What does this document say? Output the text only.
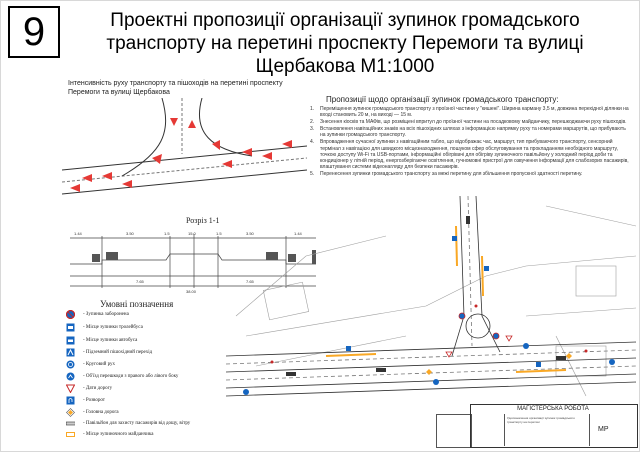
9	Проектні пропозиції організації зупинок громадського транспорту на перетині проспекту Перемоги та вулиці Щербакова М1:1000
Інтенсивність руху транспорту та пішоходів на перетині проспекту Перемоги та вулиці Щербакова
Пропозиції щодо організації зупинок громадського транспорту:
1.	Переміщення зупинок громадського транспорту з проїзної частини у "кишені". Ширина карману 3,5 м, довжина перехідної ділянки на вході становить 20 м, на виході — 15 м.
2.	Знесення кіосків та МАФів, що розміщені впритул до проїзної частини на посадковому майданчику, перешкоджаючи руху пішоходів.
3.	Встановлення навігаційних знаків на всіх пішохідних шляхах з інформацією напрямку руху та номерами маршрутів, що прибувають на зупинки громадського транспорту.
4.	Впровадження сучасної зупинки з навігаційним табло, що відображає час, маршрут, тип прибуваючого транспорту, сенсорний термінал з навігацією для швидкого місцезнаходження, пошуком сфер обслуговування та прокладанням необхідного маршруту, точкою доступу Wi-Fi та USB-портами, інформаційні обігрівачі для обігріву зупиночного павільйону у холодний період доби та кондиціонер у літній період, енергозберігаюче освітлення, гучномовні пристрої для озвучення інформації для слабозорих пасажирів, влаштування системи відеонагляду для безпеки пасажирів.
5.	Перенесення зупинки громадського транспорту за межі перетину для збільшення пропускної здатності перетину.
Розріз 1-1
1.44	3.50	1.5	15.0	1.5	3.50	1.44
7.65	7.65
38.00
Умовні позначення
- Зупинка заборонена
- Місце зупинки тролейбуса
- Місце зупинки автобуса
- Підземний пішохідний перехід
- Круговий рух
- Об'їзд перешкоди з правого або лівого боку
- Дати дорогу
- Розворот
- Головна дорога
- Павільйон для захисту пасажирів від дощу, вітру
- Місце зупиночного майданчика
МАГІСТЕРСЬКА РОБОТА
Удосконалення організації зупинок громадського транспорту на перетині
МР
